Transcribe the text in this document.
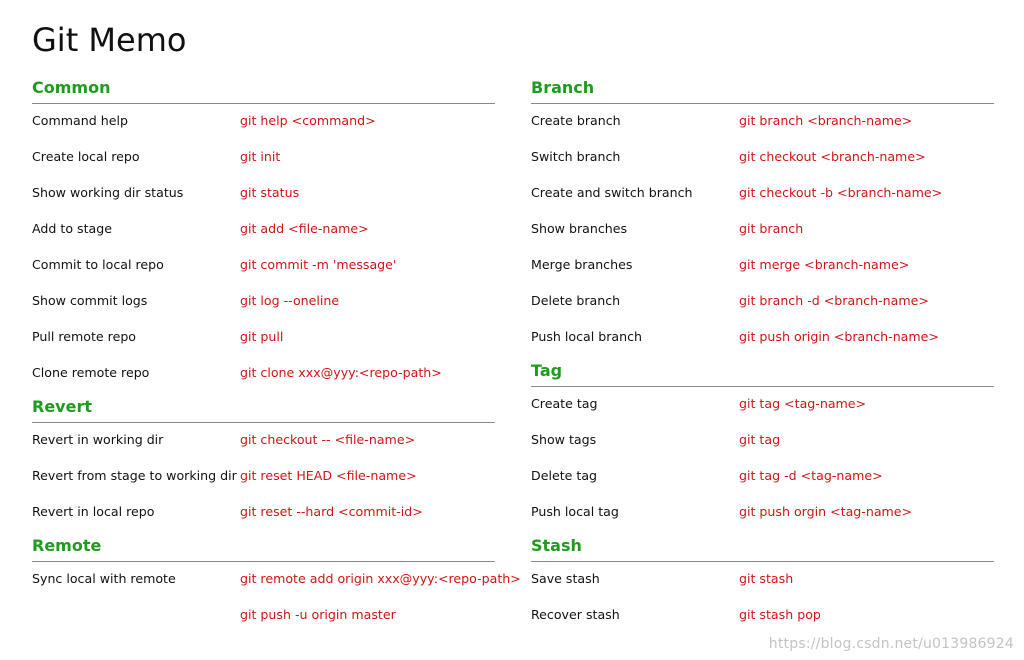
Git Memo
Common
Command help	git help <command>
Create local repo	git init
Show working dir status	git status
Add to stage	git add <file-name>
Commit to local repo	git commit -m 'message'
Show commit logs	git log --oneline
Pull remote repo	git pull
Clone remote repo	git clone xxx@yyy:<repo-path>
Revert
Revert in working dir	git checkout -- <file-name>
Revert from stage to working dir git reset HEAD <file-name>
Revert in local repo	git reset --hard <commit-id>
Remote
Sync local with remote	git remote add origin xxx@yyy:<repo-path>
git push -u origin master
Branch
Create branch	git branch <branch-name>
Switch branch	git checkout <branch-name>
Create and switch branch	git checkout -b <branch-name>
Show branches	git branch
Merge branches	git merge <branch-name>
Delete branch	git branch -d <branch-name>
Push local branch	git push origin <branch-name>
Tag
Create tag	git tag <tag-name>
Show tags	git tag
Delete tag	git tag -d <tag-name>
Push local tag	git push orgin <tag-name>
Stash
Save stash	git stash
Recover stash	git stash pop
https://blog.csdn.net/u013986924
